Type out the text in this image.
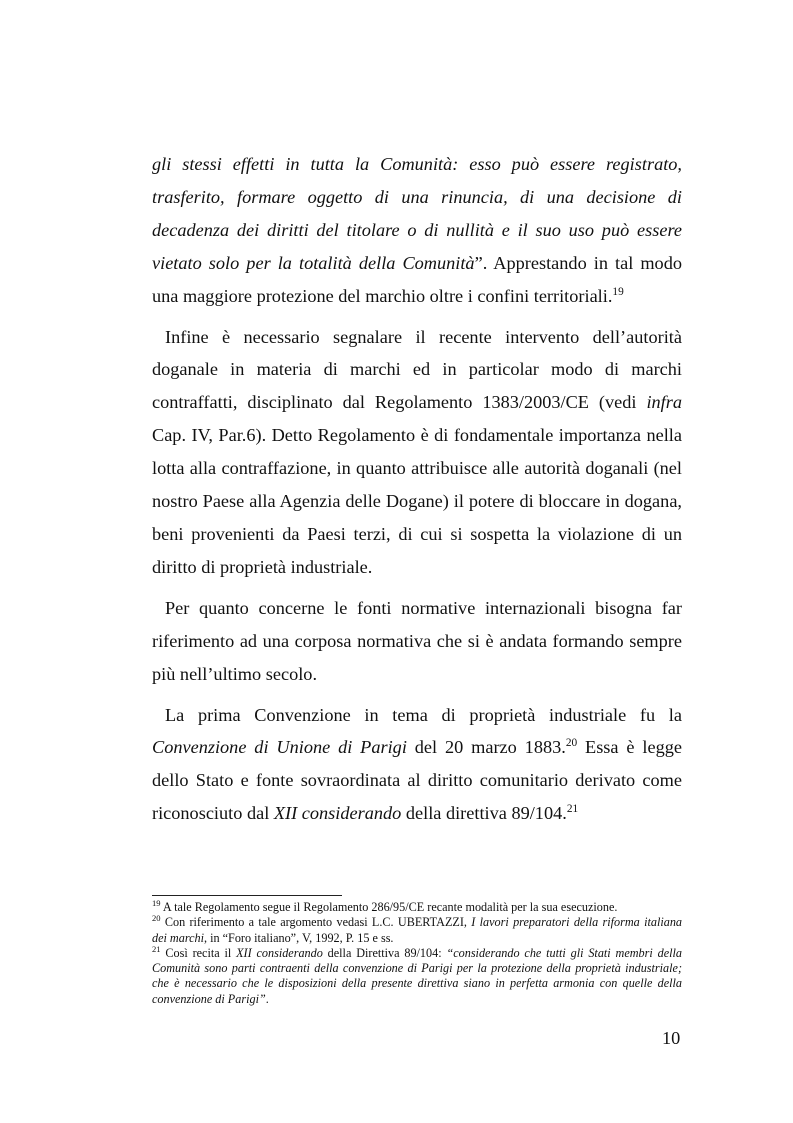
gli stessi effetti in tutta la Comunità: esso può essere registrato, trasferito, formare oggetto di una rinuncia, di una decisione di decadenza dei diritti del titolare o di nullità e il suo uso può essere vietato solo per la totalità della Comunità”. Apprestando in tal modo una maggiore protezione del marchio oltre i confini territoriali.$^{19}$

Infine è necessario segnalare il recente intervento dell’autorità doganale in materia di marchi ed in particolar modo di marchi contraffatti, disciplinato dal Regolamento 1383/2003/CE (vedi infra Cap. IV, Par.6). Detto Regolamento è di fondamentale importanza nella lotta alla contraffazione, in quanto attribuisce alle autorità doganali (nel nostro Paese alla Agenzia delle Dogane) il potere di bloccare in dogana, beni provenienti da Paesi terzi, di cui si sospetta la violazione di un diritto di proprietà industriale.

Per quanto concerne le fonti normative internazionali bisogna far riferimento ad una corposa normativa che si è andata formando sempre più nell’ultimo secolo.

La prima Convenzione in tema di proprietà industriale fu la Convenzione di Unione di Parigi del 20 marzo 1883.20 Essa è legge dello Stato e fonte sovraordinata al diritto comunitario derivato come riconosciuto dal XII considerando della direttiva 89/104.21

$^{19}$ A tale Regolamento segue il Regolamento 286/95/CE recante modalità per la sua esecuzione.

$^{20}$ Con riferimento a tale argomento vedasi L.C. UBERTAZZI, I lavori preparatori della riforma italiana dei marchi, in “Foro italiano”, V, 1992, P. 15 e ss.

$^{21}$ Così recita il XII considerando della Direttiva 89/104: “considerando che tutti gli Stati membri della Comunità sono parti contraenti della convenzione di Parigi per la protezione della proprietà industriale; che è necessario che le disposizioni della presente direttiva siano in perfetta armonia con quelle della convenzione di Parigi”.

10
